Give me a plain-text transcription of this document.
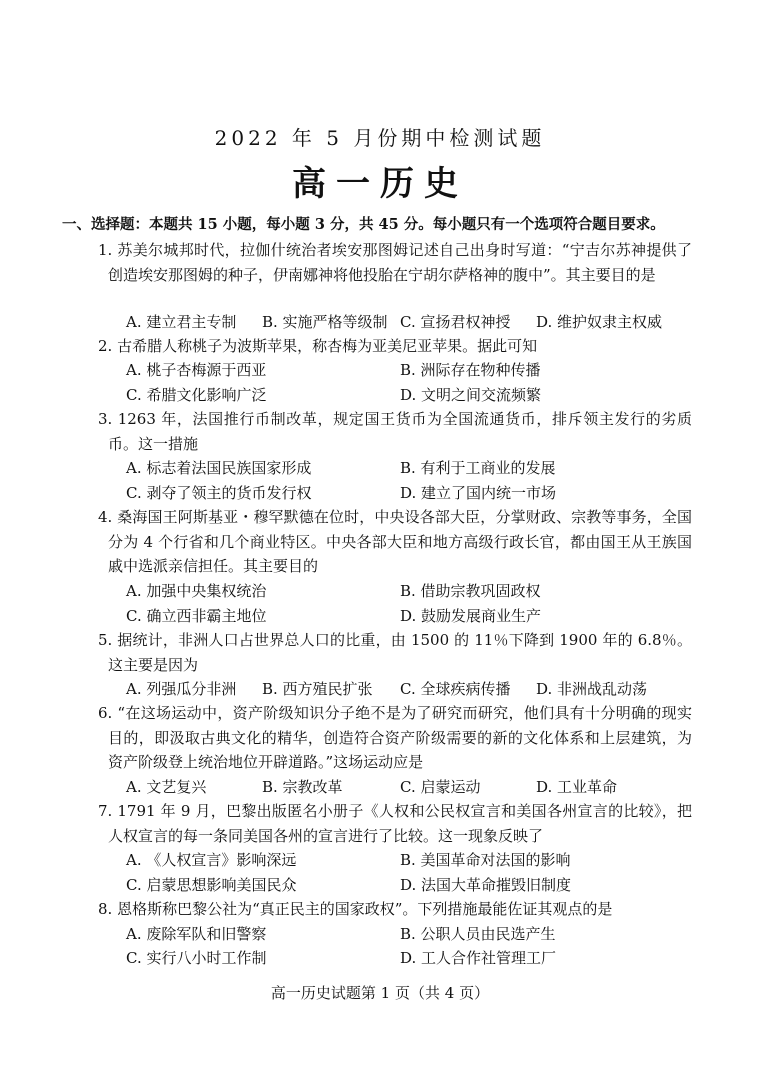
2022 年 5 月份期中检测试题
高一历史
一、选择题：本题共 15 小题，每小题 3 分，共 45 分。每小题只有一个选项符合题目要求。
1. 苏美尔城邦时代，拉伽什统治者埃安那图姆记述自己出身时写道：“宁吉尔苏神提供了创造埃安那图姆的种子，伊南娜神将他投胎在宁胡尔萨格神的腹中”。其主要目的是
A. 建立君主专制 B. 实施严格等级制 C. 宣扬君权神授 D. 维护奴隶主权威
2. 古希腊人称桃子为波斯苹果，称杏梅为亚美尼亚苹果。据此可知
A. 桃子杏梅源于西亚	B. 洲际存在物种传播
C. 希腊文化影响广泛	D. 文明之间交流频繁
3. 1263 年，法国推行币制改革，规定国王货币为全国流通货币，排斥领主发行的劣质币。这一措施
A. 标志着法国民族国家形成	B. 有利于工商业的发展
C. 剥夺了领主的货币发行权	D. 建立了国内统一市场
4. 桑海国王阿斯基亚・穆罕默德在位时，中央设各部大臣，分掌财政、宗教等事务，全国分为 4 个行省和几个商业特区。中央各部大臣和地方高级行政长官，都由国王从王族国戚中选派亲信担任。其主要目的
A. 加强中央集权统治	B. 借助宗教巩固政权
C. 确立西非霸主地位	D. 鼓励发展商业生产
5. 据统计，非洲人口占世界总人口的比重，由 1500 的 11％下降到 1900 年的 6.8％。这主要是因为
A. 列强瓜分非洲 B. 西方殖民扩张 C. 全球疾病传播 D. 非洲战乱动荡
6. “在这场运动中，资产阶级知识分子绝不是为了研究而研究，他们具有十分明确的现实目的，即汲取古典文化的精华，创造符合资产阶级需要的新的文化体系和上层建筑，为资产阶级登上统治地位开辟道路。”这场运动应是
A. 文艺复兴	B. 宗教改革	C. 启蒙运动	D. 工业革命
7. 1791 年 9 月，巴黎出版匿名小册子《人权和公民权宣言和美国各州宣言的比较》，把人权宣言的每一条同美国各州的宣言进行了比较。这一现象反映了
A. 《人权宣言》影响深远	B. 美国革命对法国的影响
C. 启蒙思想影响美国民众	D. 法国大革命摧毁旧制度
8. 恩格斯称巴黎公社为“真正民主的国家政权”。下列措施最能佐证其观点的是
A. 废除军队和旧警察	B. 公职人员由民选产生
C. 实行八小时工作制	D. 工人合作社管理工厂
高一历史试题第 1 页（共 4 页）
